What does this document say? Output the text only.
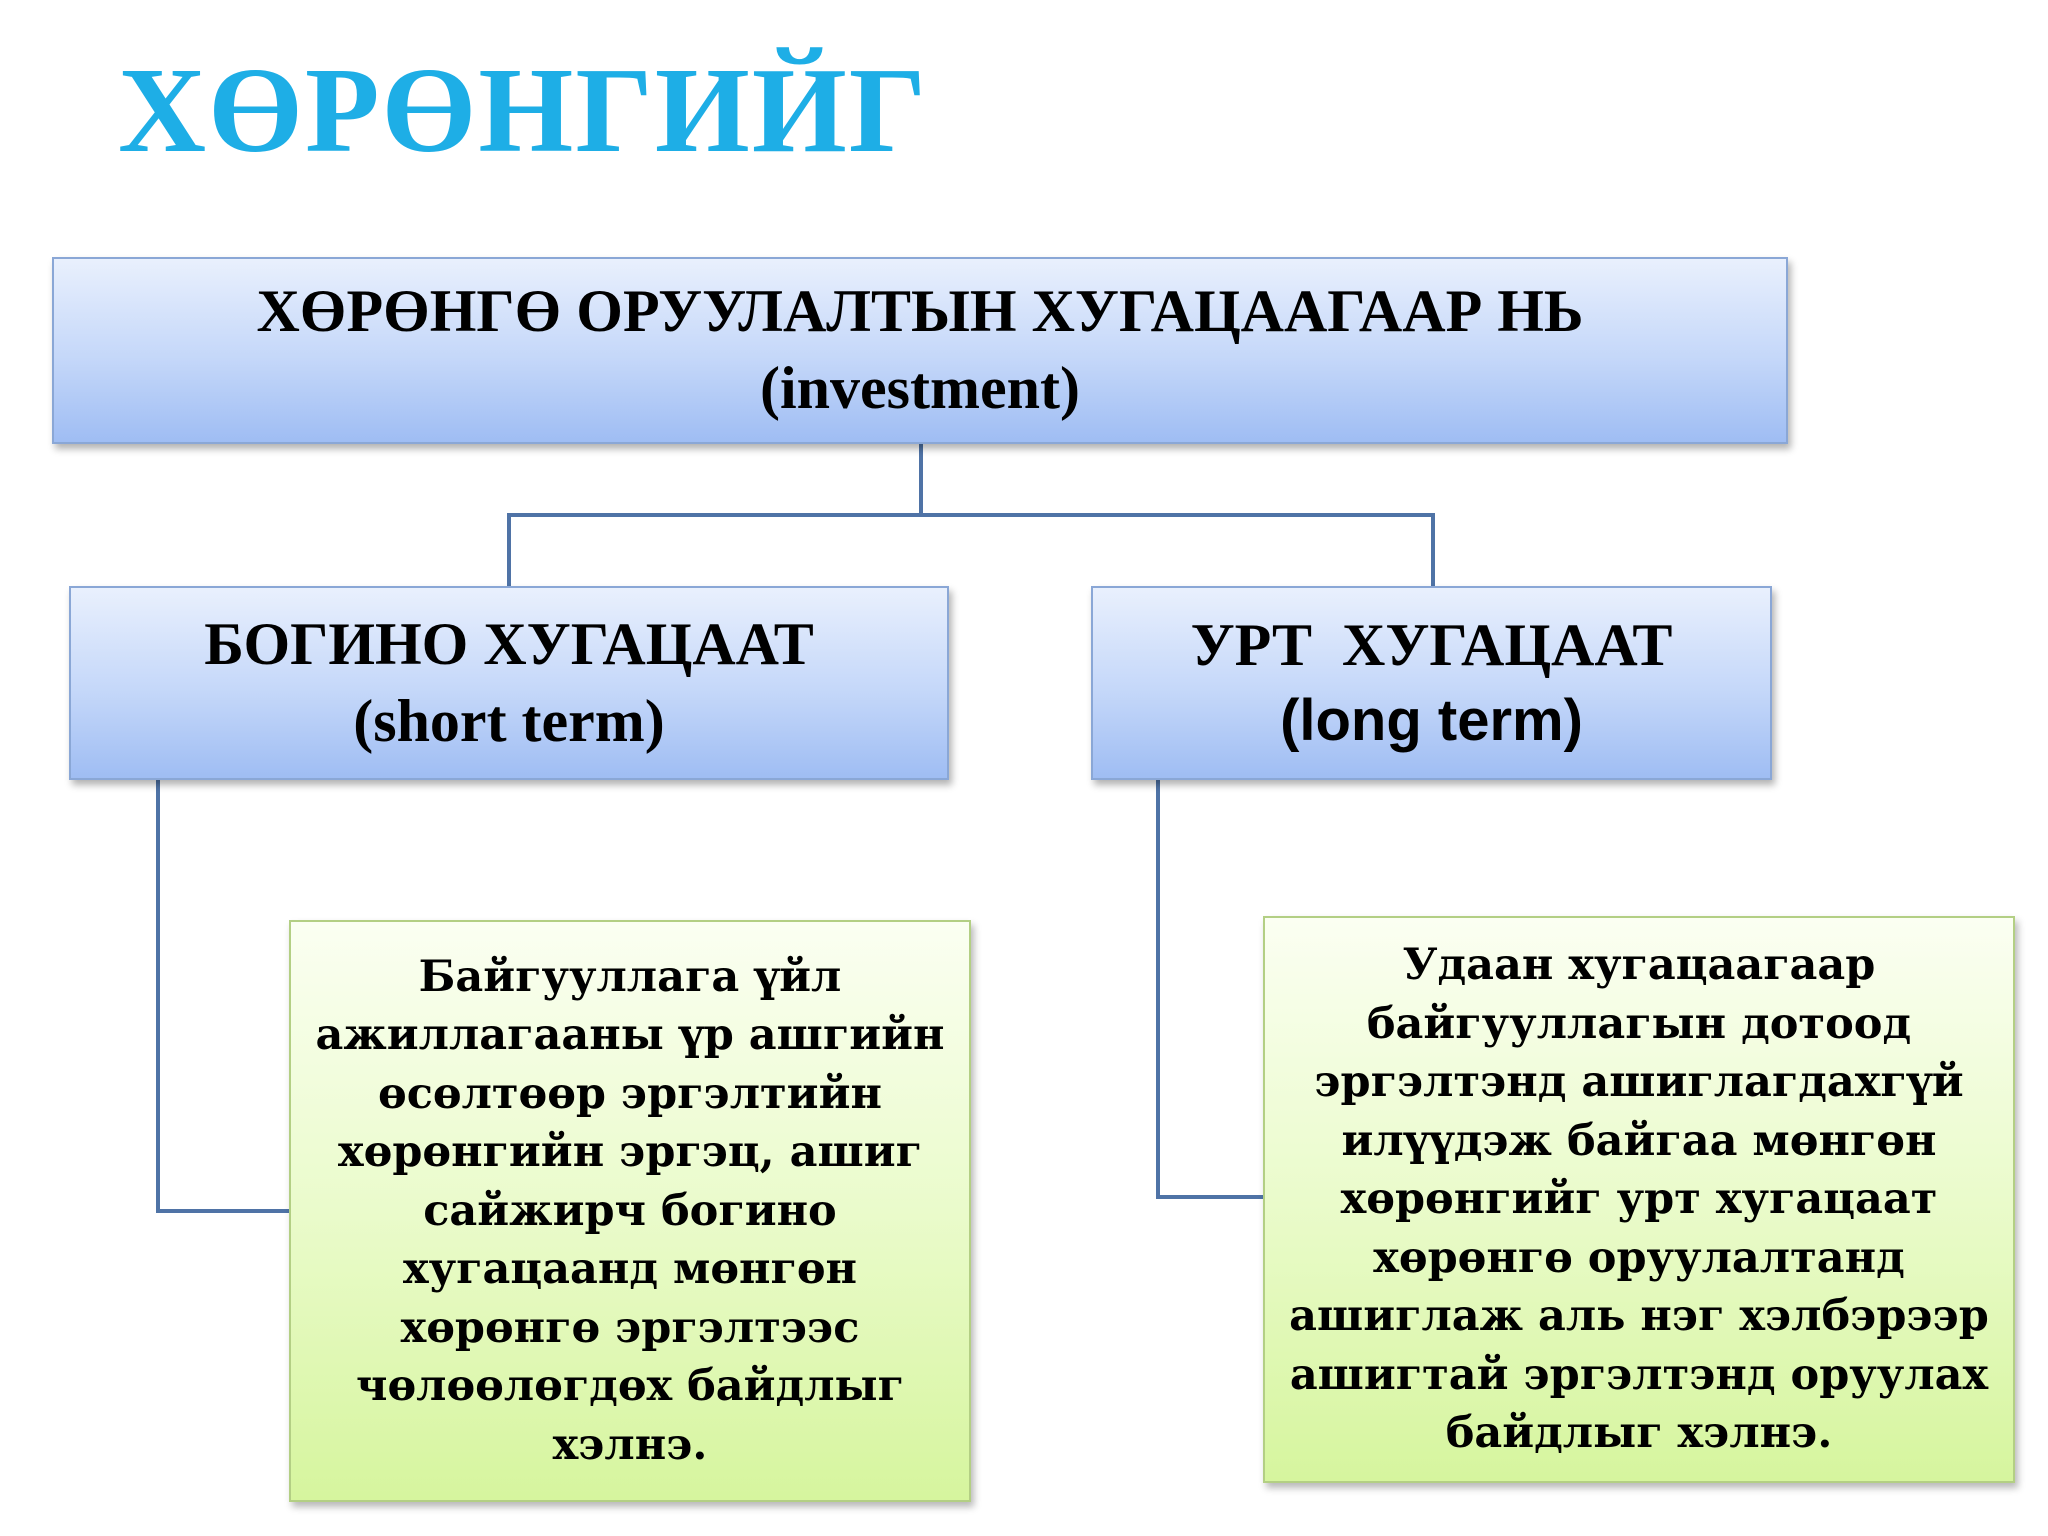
ХӨРӨНГИЙГ
ХӨРӨНГӨ ОРУУЛАЛТЫН ХУГАЦААГААР НЬ
(investment)
БОГИНО ХУГАЦААТ
(short term)
УРТ  ХУГАЦААТ
(long term)
Байгууллага үйл
ажиллагааны үр ашгийн
өсөлтөөр эргэлтийн
хөрөнгийн эргэц, ашиг
сайжирч богино
хугацаанд мөнгөн
хөрөнгө эргэлтээс
чөлөөлөгдөх байдлыг
хэлнэ.
Удаан хугацаагаар
байгууллагын дотоод
эргэлтэнд ашиглагдахгүй
илүүдэж байгаа мөнгөн
хөрөнгийг урт хугацаат
хөрөнгө оруулалтанд
ашиглаж аль нэг хэлбэрээр
ашигтай эргэлтэнд оруулах
байдлыг хэлнэ.
